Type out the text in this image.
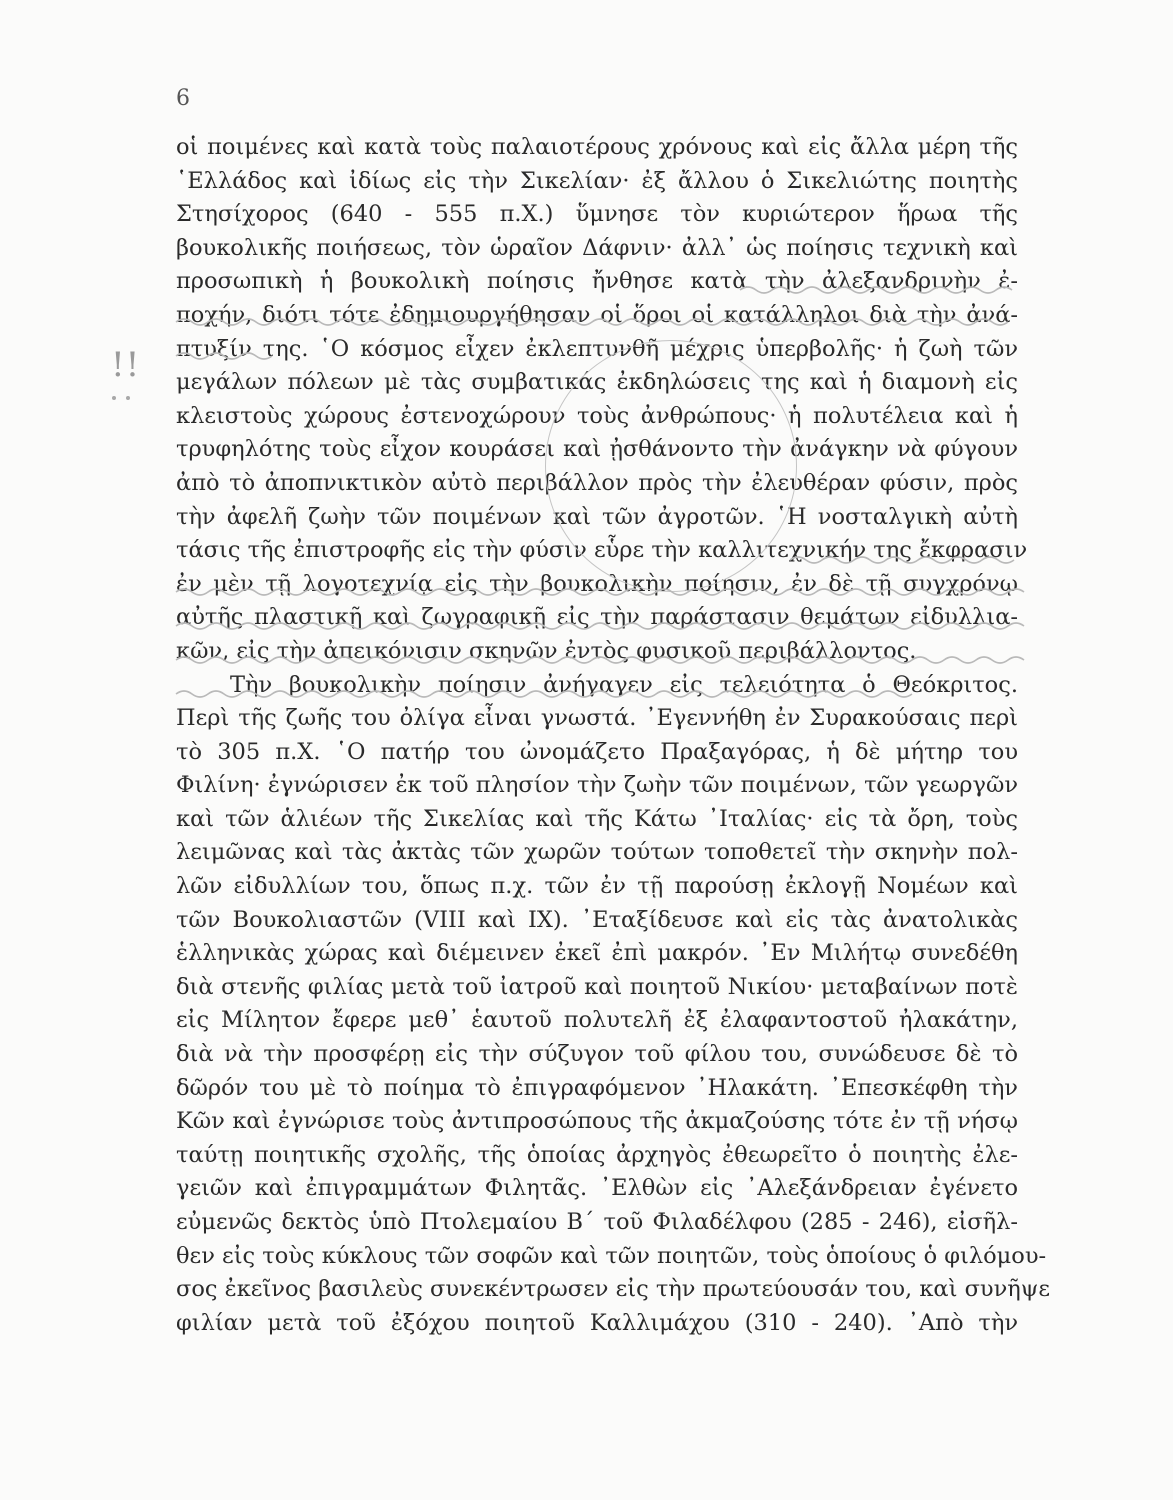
6
!!
οἱ ποιμένες καὶ κατὰ τοὺς παλαιοτέρους χρόνους καὶ εἰς ἄλλα μέρη τῆς
῾Ελλάδος καὶ ἰδίως εἰς τὴν Σικελίαν· ἐξ ἄλλου ὁ Σικελιώτης ποιητὴς
Στησίχορος (640 - 555 π.Χ.) ὕμνησε τὸν κυριώτερον ἥρωα τῆς
βουκολικῆς ποιήσεως, τὸν ὡραῖον Δάφνιν· ἀλλ᾽ ὡς ποίησις τεχνικὴ καὶ
προσωπικὴ ἡ βουκολικὴ ποίησις ἤνθησε κατὰ τὴν ἀλεξανδρινὴν ἐ-
ποχήν, διότι τότε ἐδημιουργήθησαν οἱ ὅροι οἱ κατάλληλοι διὰ τὴν ἀνά-
πτυξίν της. ῾Ο κόσμος εἶχεν ἐκλεπτυνθῆ μέχρις ὑπερβολῆς· ἡ ζωὴ τῶν
μεγάλων πόλεων μὲ τὰς συμβατικάς ἐκδηλώσεις της καὶ ἡ διαμονὴ εἰς
κλειστοὺς χώρους ἐστενοχώρουν τοὺς ἀνθρώπους· ἡ πολυτέλεια καὶ ἡ
τρυφηλότης τοὺς εἶχον κουράσει καὶ ᾐσθάνοντο τὴν ἀνάγκην νὰ φύγουν
ἀπὸ τὸ ἀποπνικτικὸν αὐτὸ περιβάλλον πρὸς τὴν ἐλευθέραν φύσιν, πρὸς
τὴν ἀφελῆ ζωὴν τῶν ποιμένων καὶ τῶν ἀγροτῶν. ῾Η νοσταλγικὴ αὐτὴ
τάσις τῆς ἐπιστροφῆς εἰς τὴν φύσιν εὗρε τὴν καλλιτεχνικήν της ἔκφρασιν
ἐν μὲν τῇ λογοτεχνίᾳ εἰς τὴν βουκολικὴν ποίησιν, ἐν δὲ τῇ συγχρόνῳ
αὐτῆς πλαστικῇ καὶ ζωγραφικῇ εἰς τὴν παράστασιν θεμάτων εἰδυλλια-
κῶν, εἰς τὴν ἀπεικόνισιν σκηνῶν ἐντὸς φυσικοῦ περιβάλλοντος.
Τὴν βουκολικὴν ποίησιν ἀνήγαγεν εἰς τελειότητα ὁ Θεόκριτος.
Περὶ τῆς ζωῆς του ὀλίγα εἶναι γνωστά. ᾿Εγεννήθη ἐν Συρακούσαις περὶ
τὸ 305 π.Χ. ῾Ο πατήρ του ὠνομάζετο Πραξαγόρας, ἡ δὲ μήτηρ του
Φιλίνη· ἐγνώρισεν ἐκ τοῦ πλησίον τὴν ζωὴν τῶν ποιμένων, τῶν γεωργῶν
καὶ τῶν ἁλιέων τῆς Σικελίας καὶ τῆς Κάτω ᾿Ιταλίας· εἰς τὰ ὄρη, τοὺς
λειμῶνας καὶ τὰς ἀκτὰς τῶν χωρῶν τούτων τοποθετεῖ τὴν σκηνὴν πολ-
λῶν εἰδυλλίων του, ὅπως π.χ. τῶν ἐν τῇ παρούσῃ ἐκλογῇ Νομέων καὶ
τῶν Βουκολιαστῶν (VIII καὶ IX). ᾿Εταξίδευσε καὶ εἰς τὰς ἀνατολικὰς
ἑλληνικὰς χώρας καὶ διέμεινεν ἐκεῖ ἐπὶ μακρόν. ᾿Εν Μιλήτῳ συνεδέθη
διὰ στενῆς φιλίας μετὰ τοῦ ἰατροῦ καὶ ποιητοῦ Νικίου· μεταβαίνων ποτὲ
εἰς Μίλητον ἔφερε μεθ᾽ ἑαυτοῦ πολυτελῆ ἐξ ἐλαφαντοστοῦ ἠλακάτην,
διὰ νὰ τὴν προσφέρῃ εἰς τὴν σύζυγον τοῦ φίλου του, συνώδευσε δὲ τὸ
δῶρόν του μὲ τὸ ποίημα τὸ ἐπιγραφόμενον ᾿Ηλακάτη. ᾿Επεσκέφθη τὴν
Κῶν καὶ ἐγνώρισε τοὺς ἀντιπροσώπους τῆς ἀκμαζούσης τότε ἐν τῇ νήσῳ
ταύτῃ ποιητικῆς σχολῆς, τῆς ὁποίας ἀρχηγὸς ἐθεωρεῖτο ὁ ποιητὴς ἐλε-
γειῶν καὶ ἐπιγραμμάτων Φιλητᾶς. ᾿Ελθὼν εἰς ᾿Αλεξάνδρειαν ἐγένετο
εὐμενῶς δεκτὸς ὑπὸ Πτολεμαίου Β΄ τοῦ Φιλαδέλφου (285 - 246), εἰσῆλ-
θεν εἰς τοὺς κύκλους τῶν σοφῶν καὶ τῶν ποιητῶν, τοὺς ὁποίους ὁ φιλόμου-
σος ἐκεῖνος βασιλεὺς συνεκέντρωσεν εἰς τὴν πρωτεύουσάν του, καὶ συνῆψε
φιλίαν μετὰ τοῦ ἐξόχου ποιητοῦ Καλλιμάχου (310 - 240). ᾿Απὸ τὴν
